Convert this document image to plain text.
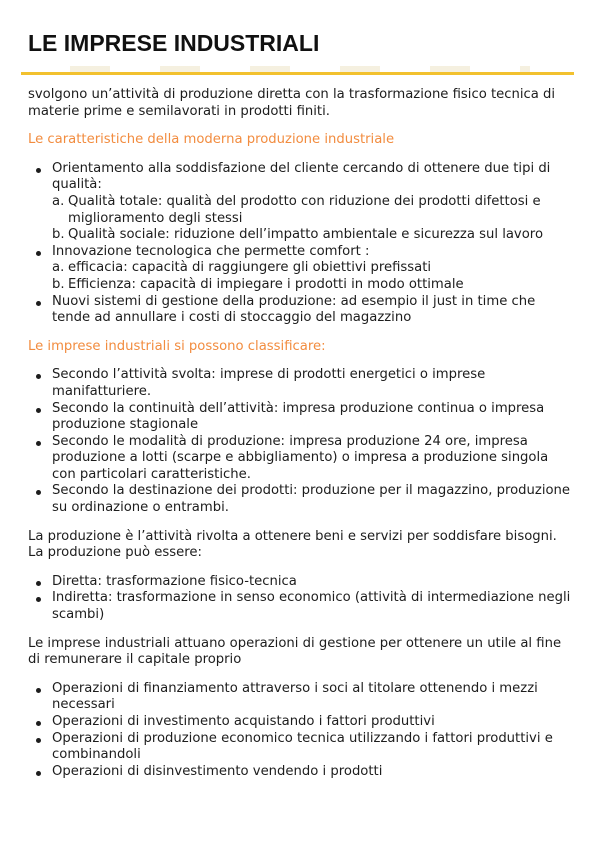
LE IMPRESE INDUSTRIALI

svolgono un’attività di produzione diretta con la trasformazione fisico tecnica di materie prime e semilavorati in prodotti finiti.

Le caratteristiche della moderna produzione industriale

Orientamento alla soddisfazione del cliente cercando di ottenere due tipi di qualità:
a. Qualità totale: qualità del prodotto con riduzione dei prodotti difettosi e miglioramento degli stessi
b. Qualità sociale: riduzione dell’impatto ambientale e sicurezza sul lavoro
Innovazione tecnologica che permette comfort :
a. efficacia: capacità di raggiungere gli obiettivi prefissati
b. Efficienza: capacità di impiegare i prodotti in modo ottimale
Nuovi sistemi di gestione della produzione: ad esempio il just in time che tende ad annullare i costi di stoccaggio del magazzino

Le imprese industriali si possono classificare:

Secondo l’attività svolta: imprese di prodotti energetici o imprese manifatturiere.
Secondo la continuità dell’attività: impresa produzione continua o impresa produzione stagionale
Secondo le modalità di produzione: impresa produzione 24 ore, impresa produzione a lotti (scarpe e abbigliamento) o impresa a produzione singola con particolari caratteristiche.
Secondo la destinazione dei prodotti: produzione per il magazzino, produzione su ordinazione o entrambi.

La produzione è l’attività rivolta a ottenere beni e servizi per soddisfare bisogni. La produzione può essere:

Diretta: trasformazione fisico-tecnica
Indiretta: trasformazione in senso economico (attività di intermediazione negli scambi)

Le imprese industriali attuano operazioni di gestione per ottenere un utile al fine di remunerare il capitale proprio

Operazioni di finanziamento attraverso i soci al titolare ottenendo i mezzi necessari
Operazioni di investimento acquistando i fattori produttivi
Operazioni di produzione economico tecnica utilizzando i fattori produttivi e combinandoli
Operazioni di disinvestimento vendendo i prodotti
